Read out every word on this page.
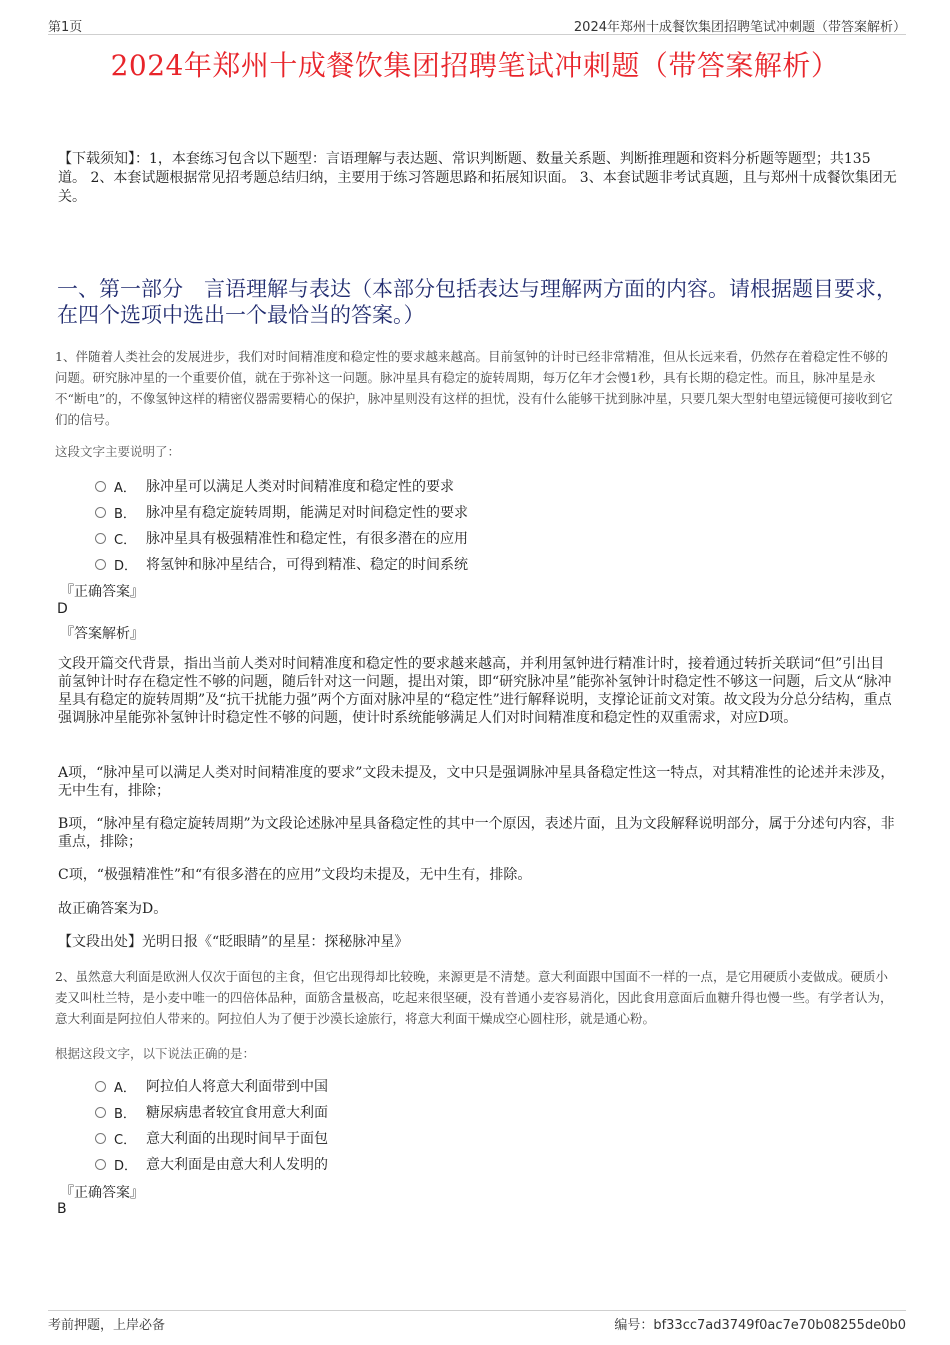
第1页	2024年郑州十成餐饮集团招聘笔试冲刺题（带答案解析）
2024年郑州十成餐饮集团招聘笔试冲刺题（带答案解析）
【下载须知】：1，本套练习包含以下题型：言语理解与表达题、常识判断题、数量关系题、判断推理题和资料分析题等题型；共135道。 2、本套试题根据常见招考题总结归纳，主要用于练习答题思路和拓展知识面。 3、本套试题非考试真题，且与郑州十成餐饮集团无关。
一、第一部分　言语理解与表达（本部分包括表达与理解两方面的内容。请根据题目要求，在四个选项中选出一个最恰当的答案。）
1、伴随着人类社会的发展进步，我们对时间精准度和稳定性的要求越来越高。目前氢钟的计时已经非常精准，但从长远来看，仍然存在着稳定性不够的问题。研究脉冲星的一个重要价值，就在于弥补这一问题。脉冲星具有稳定的旋转周期，每万亿年才会慢1秒，具有长期的稳定性。而且，脉冲星是永不“断电”的，不像氢钟这样的精密仪器需要精心的保护，脉冲星则没有这样的担忧，没有什么能够干扰到脉冲星，只要几架大型射电望远镜便可接收到它们的信号。
这段文字主要说明了：
A． 脉冲星可以满足人类对时间精准度和稳定性的要求
B． 脉冲星有稳定旋转周期，能满足对时间稳定性的要求
C． 脉冲星具有极强精准性和稳定性，有很多潜在的应用
D． 将氢钟和脉冲星结合，可得到精准、稳定的时间系统
『正确答案』
D
『答案解析』
文段开篇交代背景，指出当前人类对时间精准度和稳定性的要求越来越高，并利用氢钟进行精准计时，接着通过转折关联词“但”引出目前氢钟计时存在稳定性不够的问题，随后针对这一问题，提出对策，即“研究脉冲星”能弥补氢钟计时稳定性不够这一问题，后文从“脉冲星具有稳定的旋转周期”及“抗干扰能力强”两个方面对脉冲星的“稳定性”进行解释说明，支撑论证前文对策。故文段为分总分结构，重点强调脉冲星能弥补氢钟计时稳定性不够的问题，使计时系统能够满足人们对时间精准度和稳定性的双重需求，对应D项。
A项，“脉冲星可以满足人类对时间精准度的要求”文段未提及，文中只是强调脉冲星具备稳定性这一特点，对其精准性的论述并未涉及，无中生有，排除；
B项，“脉冲星有稳定旋转周期”为文段论述脉冲星具备稳定性的其中一个原因，表述片面，且为文段解释说明部分，属于分述句内容，非重点，排除；
C项，“极强精准性”和“有很多潜在的应用”文段均未提及，无中生有，排除。
故正确答案为D。
【文段出处】光明日报《“眨眼睛”的星星：探秘脉冲星》
2、虽然意大利面是欧洲人仅次于面包的主食，但它出现得却比较晚，来源更是不清楚。意大利面跟中国面不一样的一点，是它用硬质小麦做成。硬质小麦又叫杜兰特，是小麦中唯一的四倍体品种，面筋含量极高，吃起来很坚硬，没有普通小麦容易消化，因此食用意面后血糖升得也慢一些。有学者认为，意大利面是阿拉伯人带来的。阿拉伯人为了便于沙漠长途旅行，将意大利面干燥成空心圆柱形，就是通心粉。
根据这段文字，以下说法正确的是：
A． 阿拉伯人将意大利面带到中国
B． 糖尿病患者较宜食用意大利面
C． 意大利面的出现时间早于面包
D． 意大利面是由意大利人发明的
『正确答案』
B
考前押题，上岸必备	编号：bf33cc7ad3749f0ac7e70b08255de0b0
